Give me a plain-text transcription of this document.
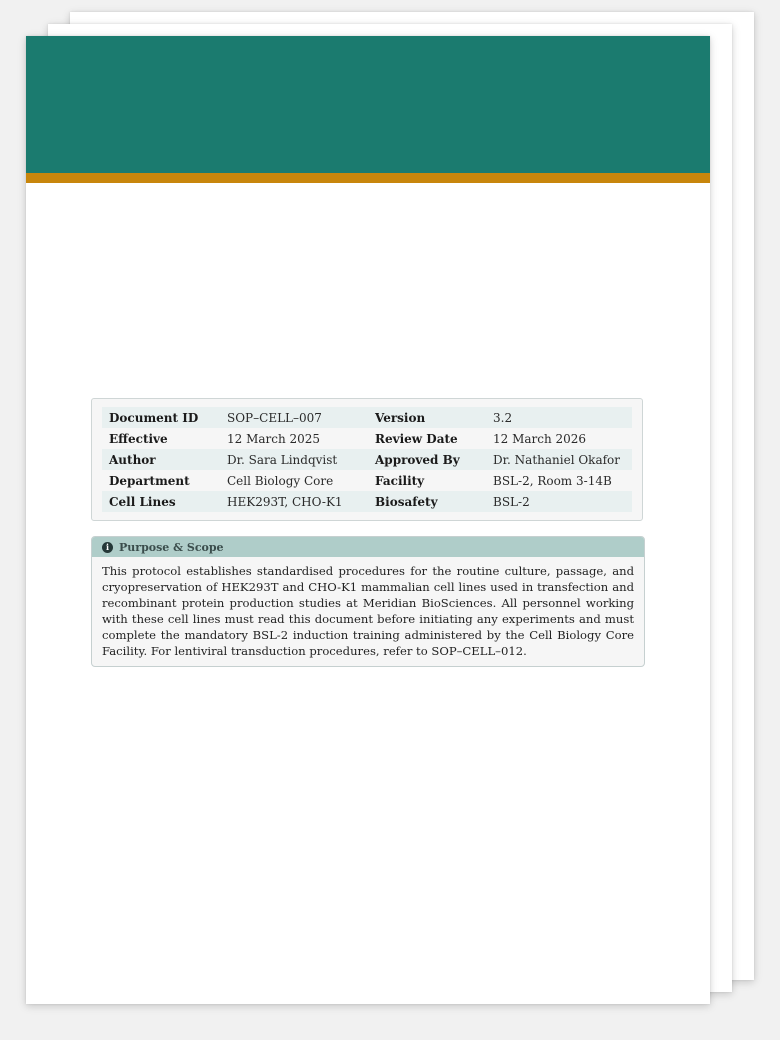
Document ID	SOP–CELL–007	Version	3.2
Effective	12 March 2025	Review Date	12 March 2026
Author	Dr. Sara Lindqvist	Approved By	Dr. Nathaniel Okafor
Department	Cell Biology Core	Facility	BSL-2, Room 3-14B
Cell Lines	HEK293T, CHO-K1	Biosafety	BSL-2
i Purpose & Scope
This protocol establishes standardised procedures for the routine culture, passage, and cryopreservation of HEK293T and CHO-K1 mammalian cell lines used in transfection and recombinant protein production studies at Meridian BioSciences. All personnel working with these cell lines must read this document before initiating any experiments and must complete the mandatory BSL-2 induction training administered by the Cell Biology Core Facility. For lentiviral transduction procedures, refer to SOP–CELL–012.
